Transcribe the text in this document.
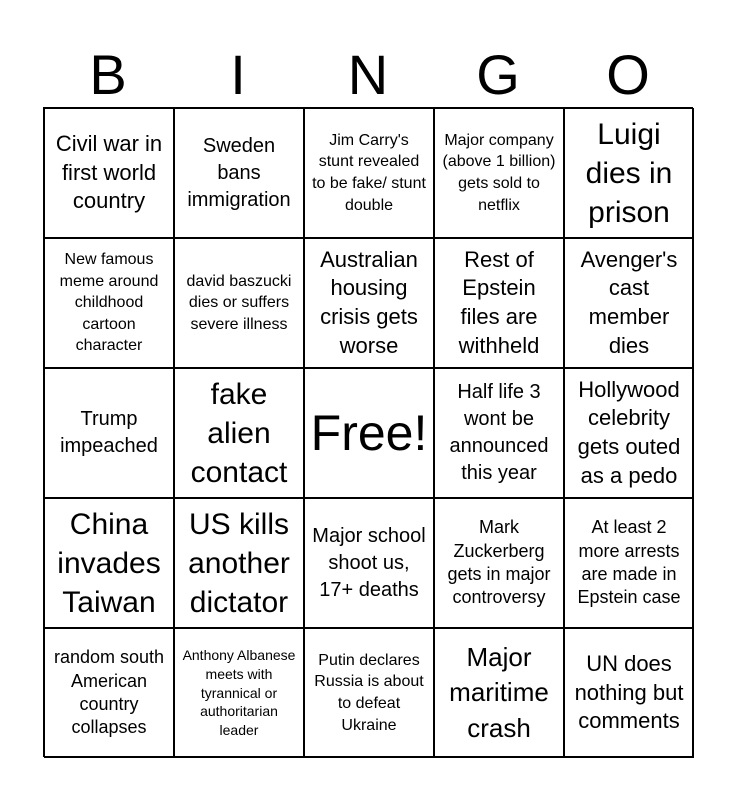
B	I	N	G	O
Civil war in first world country
Sweden bans immigration
Jim Carry's stunt revealed to be fake/ stunt double
Major company (above 1 billion) gets sold to netflix
Luigi dies in prison
New famous meme around childhood cartoon character
david baszucki dies or suffers severe illness
Australian housing crisis gets worse
Rest of Epstein files are withheld
Avenger's cast member dies
Trump impeached
fake alien contact
Free!
Half life 3 wont be announced this year
Hollywood celebrity gets outed as a pedo
China invades Taiwan
US kills another dictator
Major school shoot us, 17+ deaths
Mark Zuckerberg gets in major controversy
At least 2 more arrests are made in Epstein case
random south American country collapses
Anthony Albanese meets with tyrannical or authoritarian leader
Putin declares Russia is about to defeat Ukraine
Major maritime crash
UN does nothing but comments
